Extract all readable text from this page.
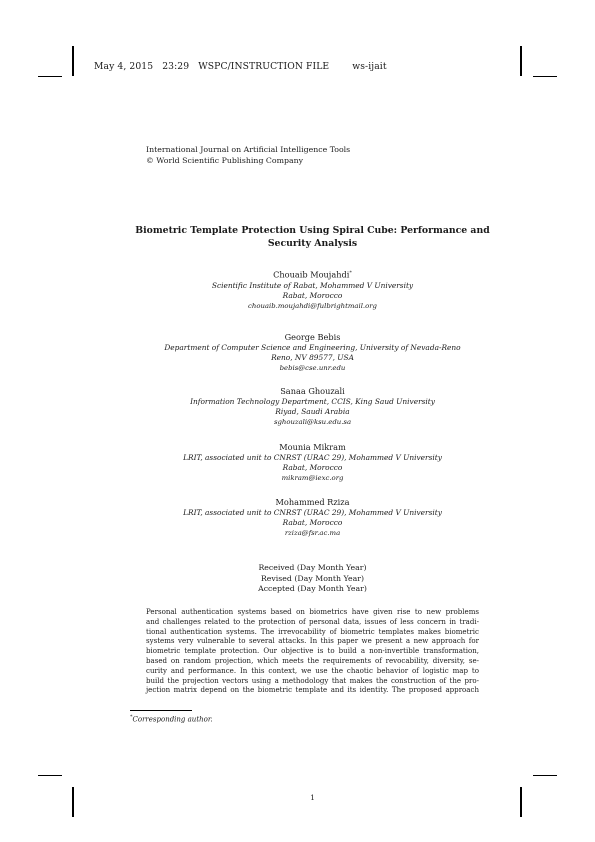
May 4, 2015 23:29 WSPC/INSTRUCTION FILE	ws-ijait
International Journal on Artificial Intelligence Tools
© World Scientific Publishing Company
Biometric Template Protection Using Spiral Cube: Performance and
Security Analysis
Chouaib Moujahdi*
Scientific Institute of Rabat, Mohammed V University
Rabat, Morocco
chouaib.moujahdi@fulbrightmail.org
George Bebis
Department of Computer Science and Engineering, University of Nevada-Reno
Reno, NV 89577, USA
bebis@cse.unr.edu
Sanaa Ghouzali
Information Technology Department, CCIS, King Saud University
Riyad, Saudi Arabia
sghouzali@ksu.edu.sa
Mounia Mikram
LRIT, associated unit to CNRST (URAC 29), Mohammed V University
Rabat, Morocco
mikram@iexc.org
Mohammed Rziza
LRIT, associated unit to CNRST (URAC 29), Mohammed V University
Rabat, Morocco
rziza@fsr.ac.ma
Received (Day Month Year)
Revised (Day Month Year)
Accepted (Day Month Year)
Personal authentication systems based on biometrics have given rise to new problems
and challenges related to the protection of personal data, issues of less concern in tradi-
tional authentication systems. The irrevocability of biometric templates makes biometric
systems very vulnerable to several attacks. In this paper we present a new approach for
biometric template protection. Our objective is to build a non-invertible transformation,
based on random projection, which meets the requirements of revocability, diversity, se-
curity and performance. In this context, we use the chaotic behavior of logistic map to
build the projection vectors using a methodology that makes the construction of the pro-
jection matrix depend on the biometric template and its identity. The proposed approach
*Corresponding author.
1
